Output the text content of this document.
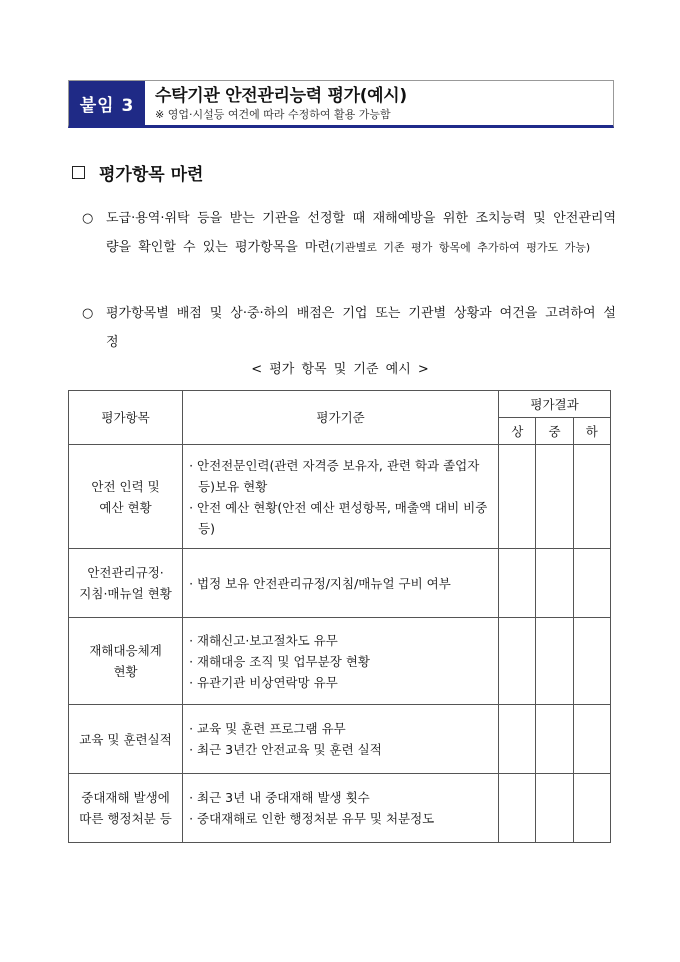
붙임 3	수탁기관 안전관리능력 평가(예시)
※ 영업·시설등 여건에 따라 수정하여 활용 가능함
평가항목 마련
○ 도급·용역·위탁 등을 받는 기관을 선정할 때 재해예방을 위한 조치능력 및 안전관리역량을 확인할 수 있는 평가항목을 마련(기관별로 기존 평가 항목에 추가하여 평가도 가능)
○ 평가항목별 배점 및 상·중·하의 배점은 기업 또는 기관별 상황과 여건을 고려하여 설정
< 평가 항목 및 기준 예시 >
평가항목	평가기준	평가결과		
		상	중	하
안전 인력 및
예산 현황	· 안전전문인력(관련 자격증 보유자, 관련 학과 졸업자 등)보유 현황
· 안전 예산 현황(안전 예산 편성항목, 매출액 대비 비중 등)			

안전관리규정·
지침·매뉴얼 현황	· 법정 보유 안전관리규정/지침/매뉴얼 구비 여부			

재해대응체계
현황	· 재해신고·보고절차도 유무
· 재해대응 조직 및 업무분장 현황
· 유관기관 비상연락망 유무			

교육 및 훈련실적	· 교육 및 훈련 프로그램 유무
· 최근 3년간 안전교육 및 훈련 실적			

중대재해 발생에
따른 행정처분 등	· 최근 3년 내 중대재해 발생 횟수
· 중대재해로 인한 행정처분 유무 및 처분정도			
